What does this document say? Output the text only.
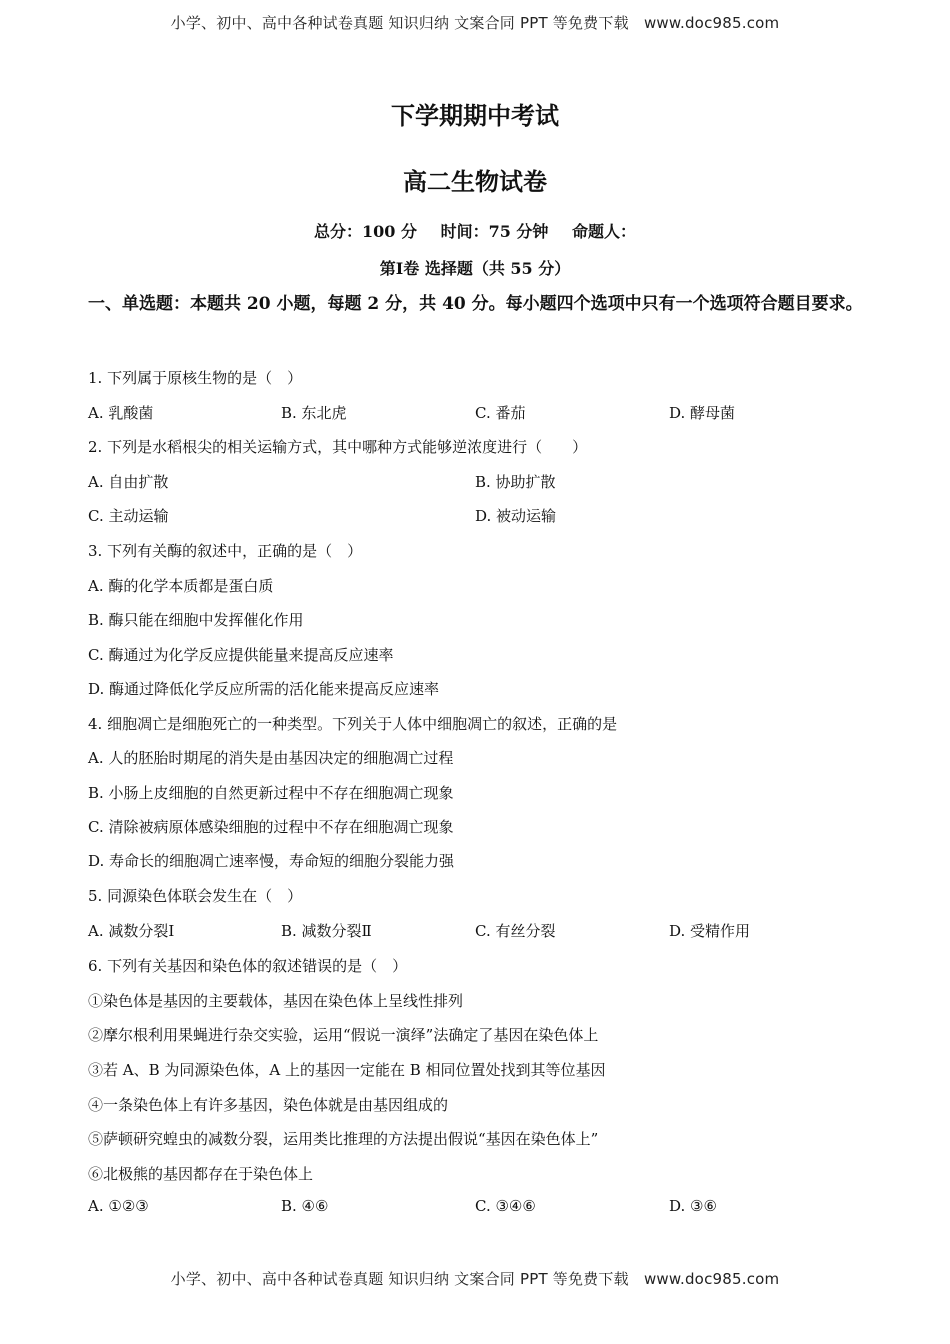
小学、初中、高中各种试卷真题 知识归纳 文案合同 PPT 等免费下载　www.doc985.com
下学期期中考试
高二生物试卷
总分：100 分 时间：75 分钟 命题人：
第Ⅰ卷 选择题（共 55 分）
一、单选题：本题共 20 小题，每题 2 分，共 40 分。每小题四个选项中只有一个选项符合题目要求。
1. 下列属于原核生物的是（　）
A. 乳酸菌	B. 东北虎	C. 番茄	D. 酵母菌
2. 下列是水稻根尖的相关运输方式，其中哪种方式能够逆浓度进行（　　）
A. 自由扩散	B. 协助扩散
C. 主动运输	D. 被动运输
3. 下列有关酶的叙述中，正确的是（　）
A. 酶的化学本质都是蛋白质
B. 酶只能在细胞中发挥催化作用
C. 酶通过为化学反应提供能量来提高反应速率
D. 酶通过降低化学反应所需的活化能来提高反应速率
4. 细胞凋亡是细胞死亡的一种类型。下列关于人体中细胞凋亡的叙述，正确的是
A. 人的胚胎时期尾的消失是由基因决定的细胞凋亡过程
B. 小肠上皮细胞的自然更新过程中不存在细胞凋亡现象
C. 清除被病原体感染细胞的过程中不存在细胞凋亡现象
D. 寿命长的细胞凋亡速率慢，寿命短的细胞分裂能力强
5. 同源染色体联会发生在（　）
A. 减数分裂Ⅰ	B. 减数分裂Ⅱ	C. 有丝分裂	D. 受精作用
6. 下列有关基因和染色体的叙述错误的是（　）
①染色体是基因的主要载体，基因在染色体上呈线性排列
②摩尔根利用果蝇进行杂交实验，运用“假说一演绎”法确定了基因在染色体上
③若 A、B 为同源染色体，A 上的基因一定能在 B 相同位置处找到其等位基因
④一条染色体上有许多基因，染色体就是由基因组成的
⑤萨顿研究蝗虫的减数分裂，运用类比推理的方法提出假说“基因在染色体上”
⑥北极熊的基因都存在于染色体上
A. ①②③	B. ④⑥	C. ③④⑥	D. ③⑥
小学、初中、高中各种试卷真题 知识归纳 文案合同 PPT 等免费下载　www.doc985.com
